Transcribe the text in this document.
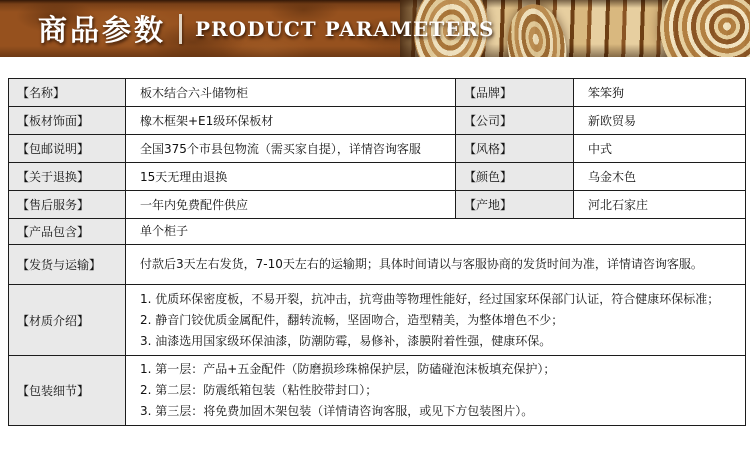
商品参数 PRODUCT PARAMETERS
【名称】	板木结合六斗储物柜	【品牌】	笨笨狗
【板材饰面】	橡木框架+E1级环保板材	【公司】	新欧贸易
【包邮说明】	全国375个市县包物流（需买家自提），详情咨询客服	【风格】	中式
【关于退换】	15天无理由退换	【颜色】	乌金木色
【售后服务】	一年内免费配件供应	【产地】	河北石家庄
【产品包含】	单个柜子		

【发货与运输】	付款后3天左右发货，7-10天左右的运输期；具体时间请以与客服协商的发货时间为准，详情请咨询客服。		

【材质介绍】	1. 优质环保密度板，不易开裂，抗冲击，抗弯曲等物理性能好，经过国家环保部门认证，符合健康环保标准；
2. 静音门铰优质金属配件，翻转流畅，坚固吻合，造型精美，为整体增色不少；
3. 油漆选用国家级环保油漆，防潮防霉，易修补，漆膜附着性强，健康环保。		

【包装细节】	1. 第一层：产品+五金配件（防磨损珍珠棉保护层，防磕碰泡沫板填充保护）；
2. 第二层：防震纸箱包装（粘性胶带封口）；
3. 第三层：将免费加固木架包装（详情请咨询客服，或见下方包装图片）。		
